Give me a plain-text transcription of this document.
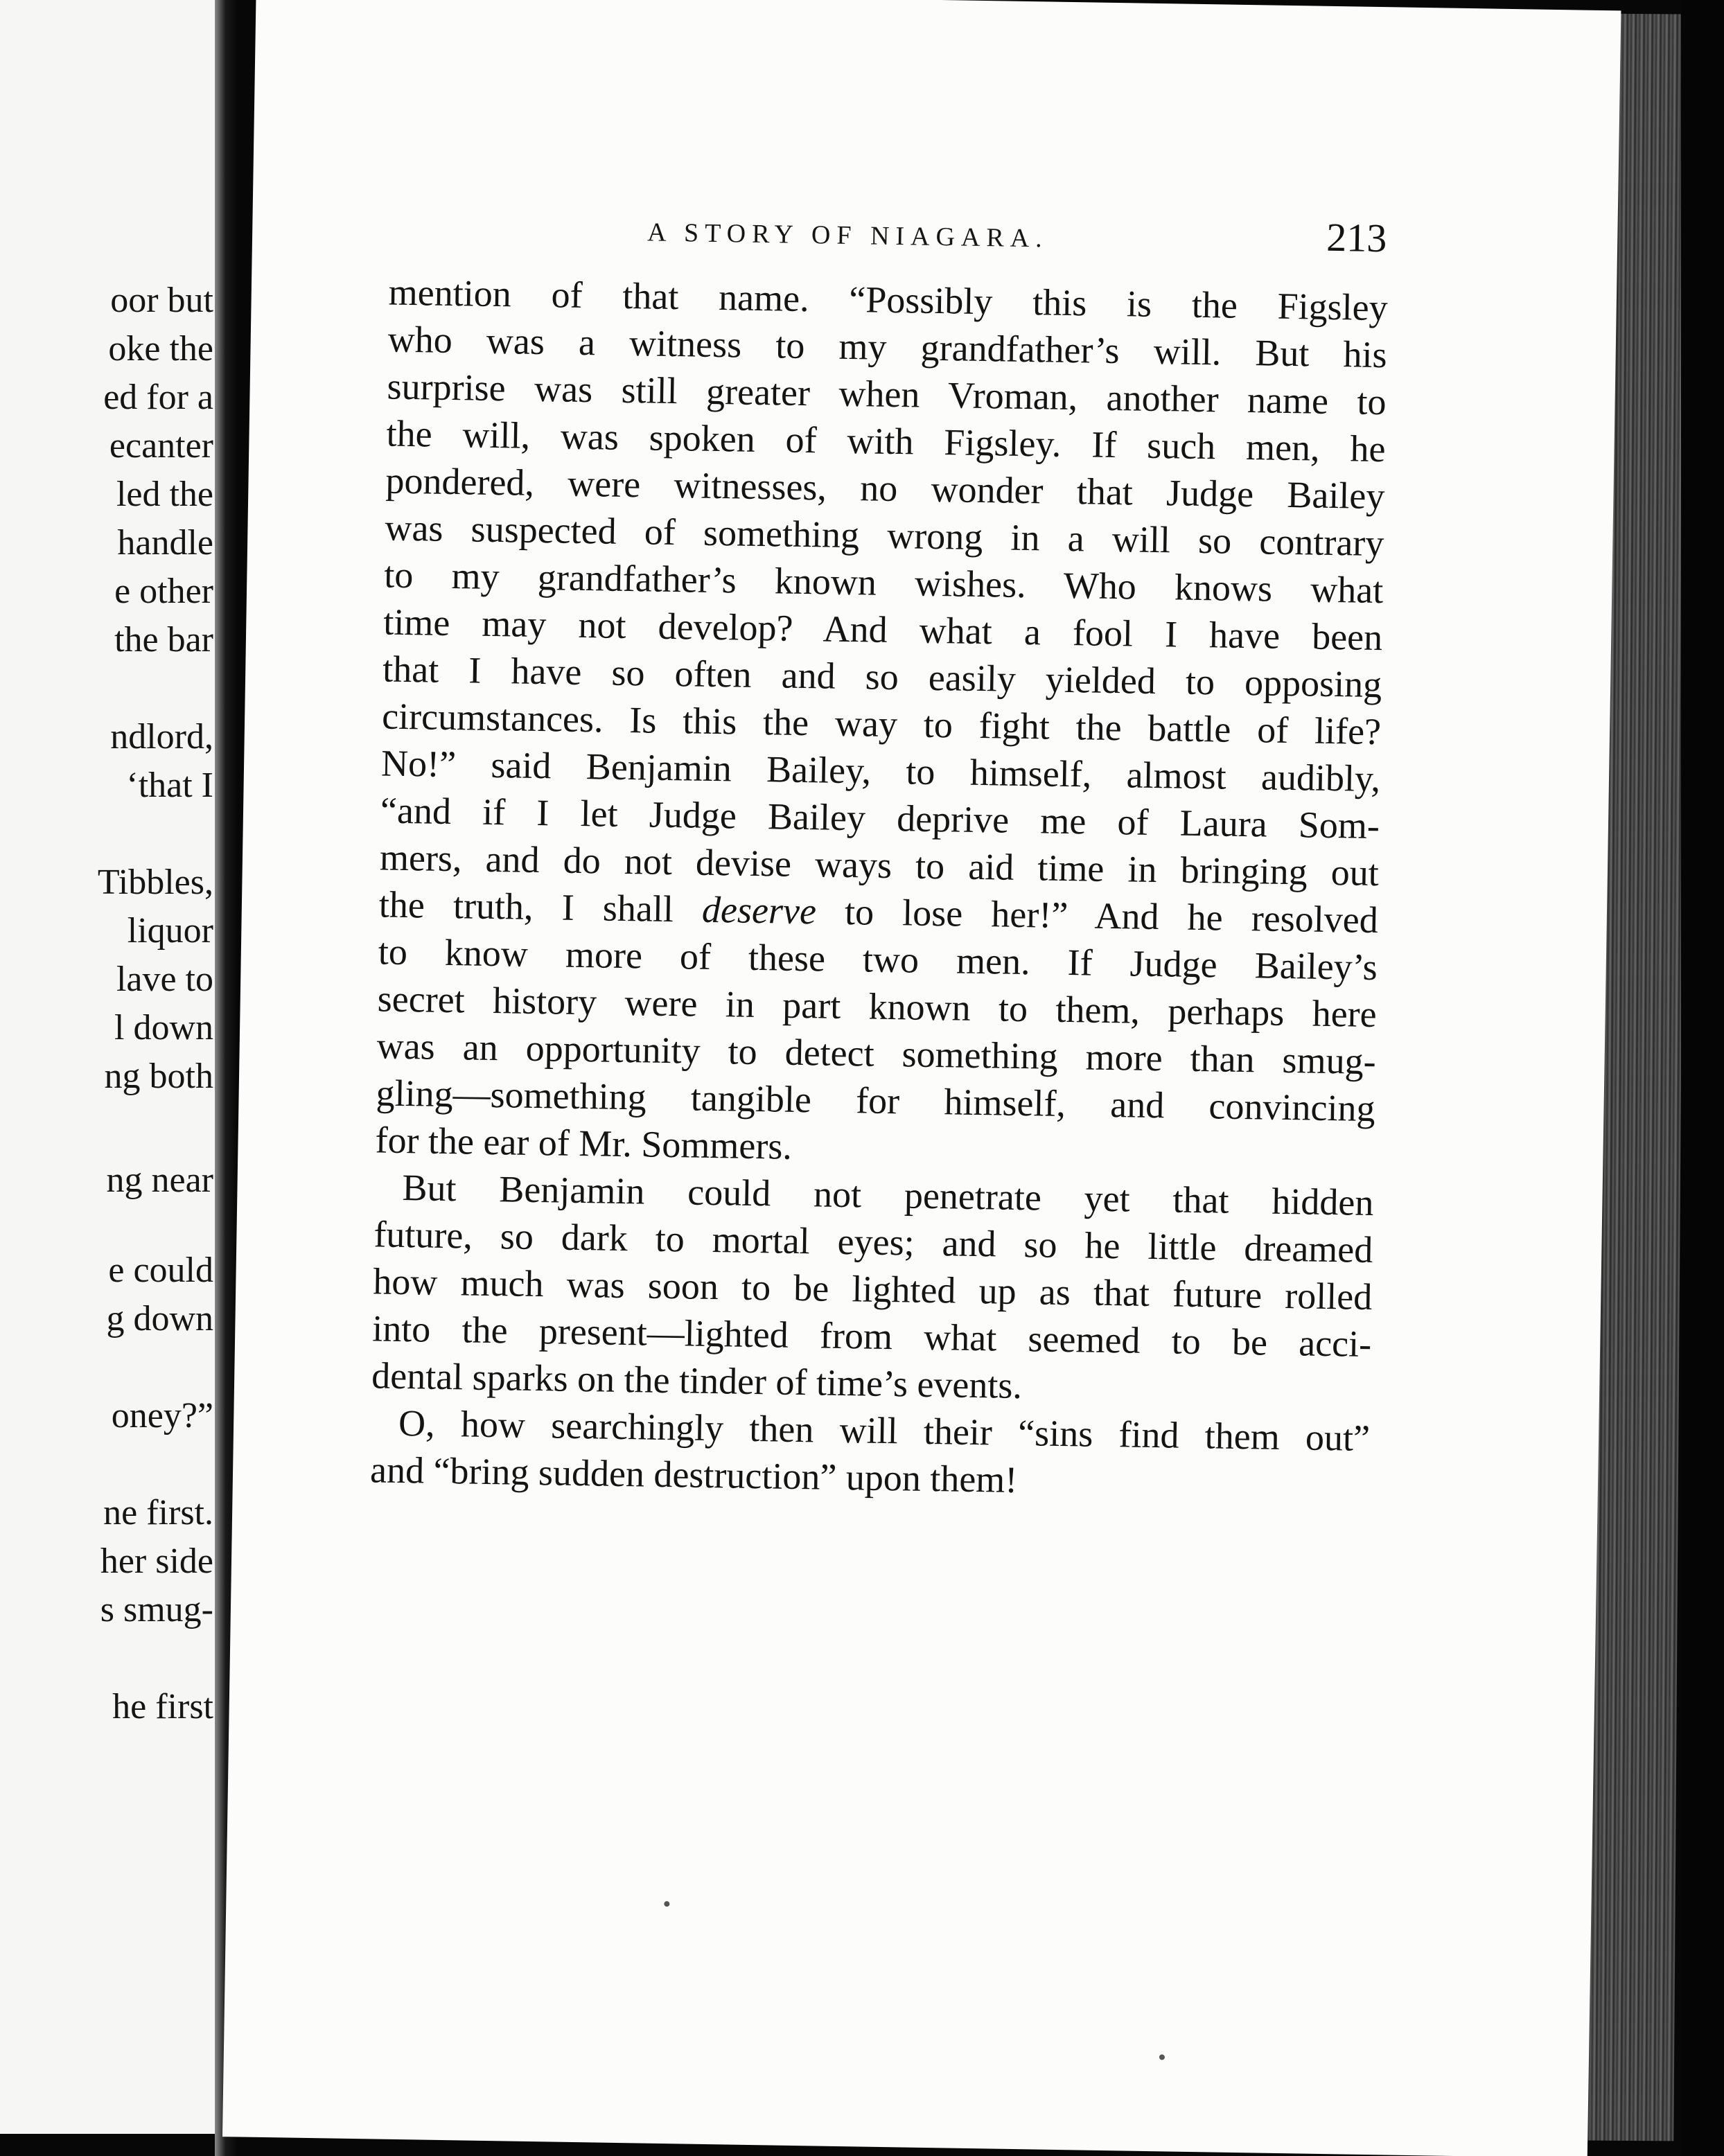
oor but
oke the
ed for a
ecanter
led the
handle
e other
the bar
ndlord,
‘that I
Tibbles,
liquor
lave to
l down
ng both
ng near
e could
g down
oney?”
ne first.
her side
s smug-
he first
A STORY OF NIAGARA.	213
mention of that name. “Possibly this is the Figsley
who was a witness to my grandfather’s will. But his
surprise was still greater when Vroman, another name to
the will, was spoken of with Figsley. If such men, he
pondered, were witnesses, no wonder that Judge Bailey
was suspected of something wrong in a will so contrary
to my grandfather’s known wishes. Who knows what
time may not develop? And what a fool I have been
that I have so often and so easily yielded to opposing
circumstances. Is this the way to fight the battle of life?
No!” said Benjamin Bailey, to himself, almost audibly,
“and if I let Judge Bailey deprive me of Laura Som-
mers, and do not devise ways to aid time in bringing out
the truth, I shall deserve to lose her!” And he resolved
to know more of these two men. If Judge Bailey’s
secret history were in part known to them, perhaps here
was an opportunity to detect something more than smug-
gling—something tangible for himself, and convincing
for the ear of Mr. Sommers.
But Benjamin could not penetrate yet that hidden
future, so dark to mortal eyes; and so he little dreamed
how much was soon to be lighted up as that future rolled
into the present—lighted from what seemed to be acci-
dental sparks on the tinder of time’s events.
O, how searchingly then will their “sins find them out”
and “bring sudden destruction” upon them!
